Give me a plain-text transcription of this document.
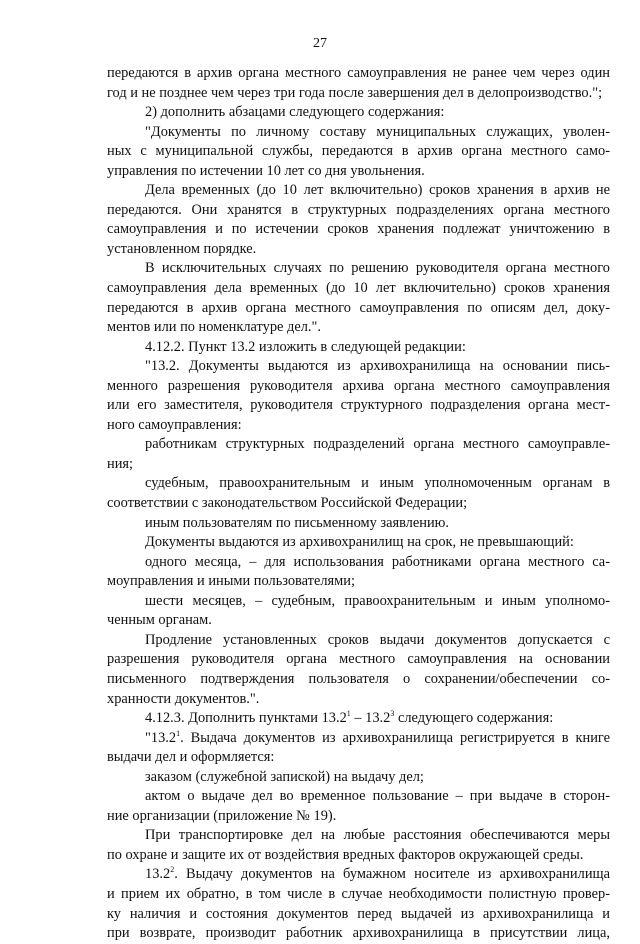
27
передаются в архив органа местного самоуправления не ранее чем через один
год и не позднее чем через три года после завершения дел в делопроизводство.";
2) дополнить абзацами следующего содержания:
"Документы по личному составу муниципальных служащих, уволен-
ных с муниципальной службы, передаются в архив органа местного само-
управления по истечении 10 лет со дня увольнения.
Дела временных (до 10 лет включительно) сроков хранения в архив не
передаются. Они хранятся в структурных подразделениях органа местного
самоуправления и по истечении сроков хранения подлежат уничтожению в
установленном порядке.
В исключительных случаях по решению руководителя органа местного
самоуправления дела временных (до 10 лет включительно) сроков хранения
передаются в архив органа местного самоуправления по описям дел, доку-
ментов или по номенклатуре дел.".
4.12.2. Пункт 13.2 изложить в следующей редакции:
"13.2. Документы выдаются из архивохранилища на основании пись-
менного разрешения руководителя архива органа местного самоуправления
или его заместителя, руководителя структурного подразделения органа мест-
ного самоуправления:
работникам структурных подразделений органа местного самоуправле-
ния;
судебным, правоохранительным и иным уполномоченным органам в
соответствии с законодательством Российской Федерации;
иным пользователям по письменному заявлению.
Документы выдаются из архивохранилищ на срок, не превышающий:
одного месяца, – для использования работниками органа местного са-
моуправления и иными пользователями;
шести месяцев, – судебным, правоохранительным и иным уполномо-
ченным органам.
Продление установленных сроков выдачи документов допускается с
разрешения руководителя органа местного самоуправления на основании
письменного подтверждения пользователя о сохранении/обеспечении со-
хранности документов.".
4.12.3. Дополнить пунктами 13.2$^1$ – 13.2$^3$ следующего содержания:
"13.2$^1$. Выдача документов из архивохранилища регистрируется в книге
выдачи дел и оформляется:
заказом (служебной запиской) на выдачу дел;
актом о выдаче дел во временное пользование – при выдаче в сторон-
ние организации (приложение № 19).
При транспортировке дел на любые расстояния обеспечиваются меры
по охране и защите их от воздействия вредных факторов окружающей среды.
13.2$^2$. Выдачу документов на бумажном носителе из архивохранилища
и прием их обратно, в том числе в случае необходимости полистную провер-
ку наличия и состояния документов перед выдачей из архивохранилища и
при возврате, производит работник архивохранилища в присутствии лица,
